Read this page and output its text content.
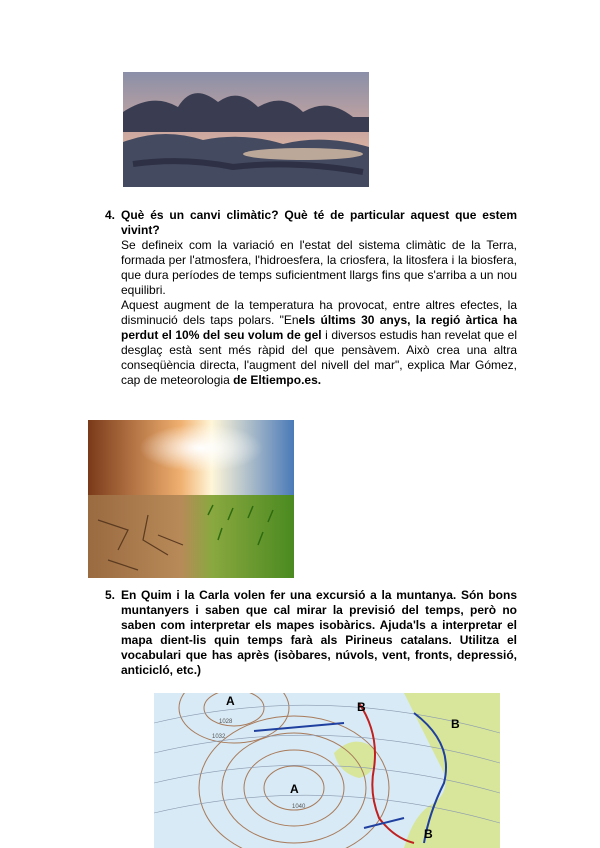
4. Què és un canvi climàtic? Què té de particular aquest que estem vivint?

Se defineix com la variació en l'estat del sistema climàtic de la Terra, formada per l'atmosfera, l'hidroesfera, la criosfera, la litosfera i la biosfera, que dura períodes de temps suficientment llargs fins que s'arriba a un nou equilibri.

Aquest augment de la temperatura ha provocat, entre altres efectes, la disminució dels taps polars. "Enels últims 30 anys, la regió àrtica ha perdut el 10% del seu volum de gel i diversos estudis han revelat que el desglaç està sent més ràpid del que pensàvem. Això crea una altra conseqüència directa, l'augment del nivell del mar", explica Mar Gómez, cap de meteorologia de Eltiempo.es.

5. En Quim i la Carla volen fer una excursió a la muntanya. Són bons muntanyers i saben que cal mirar la previsió del temps, però no saben com interpretar els mapes isobàrics. Ajuda'ls a interpretar el mapa dient-lis quin temps farà als Pirineus catalans. Utilitza el vocabulari que has après (isòbares, núvols, vent, fronts, depressió, anticicló, etc.)

A
A
B
B
B
1028
1032
1040
